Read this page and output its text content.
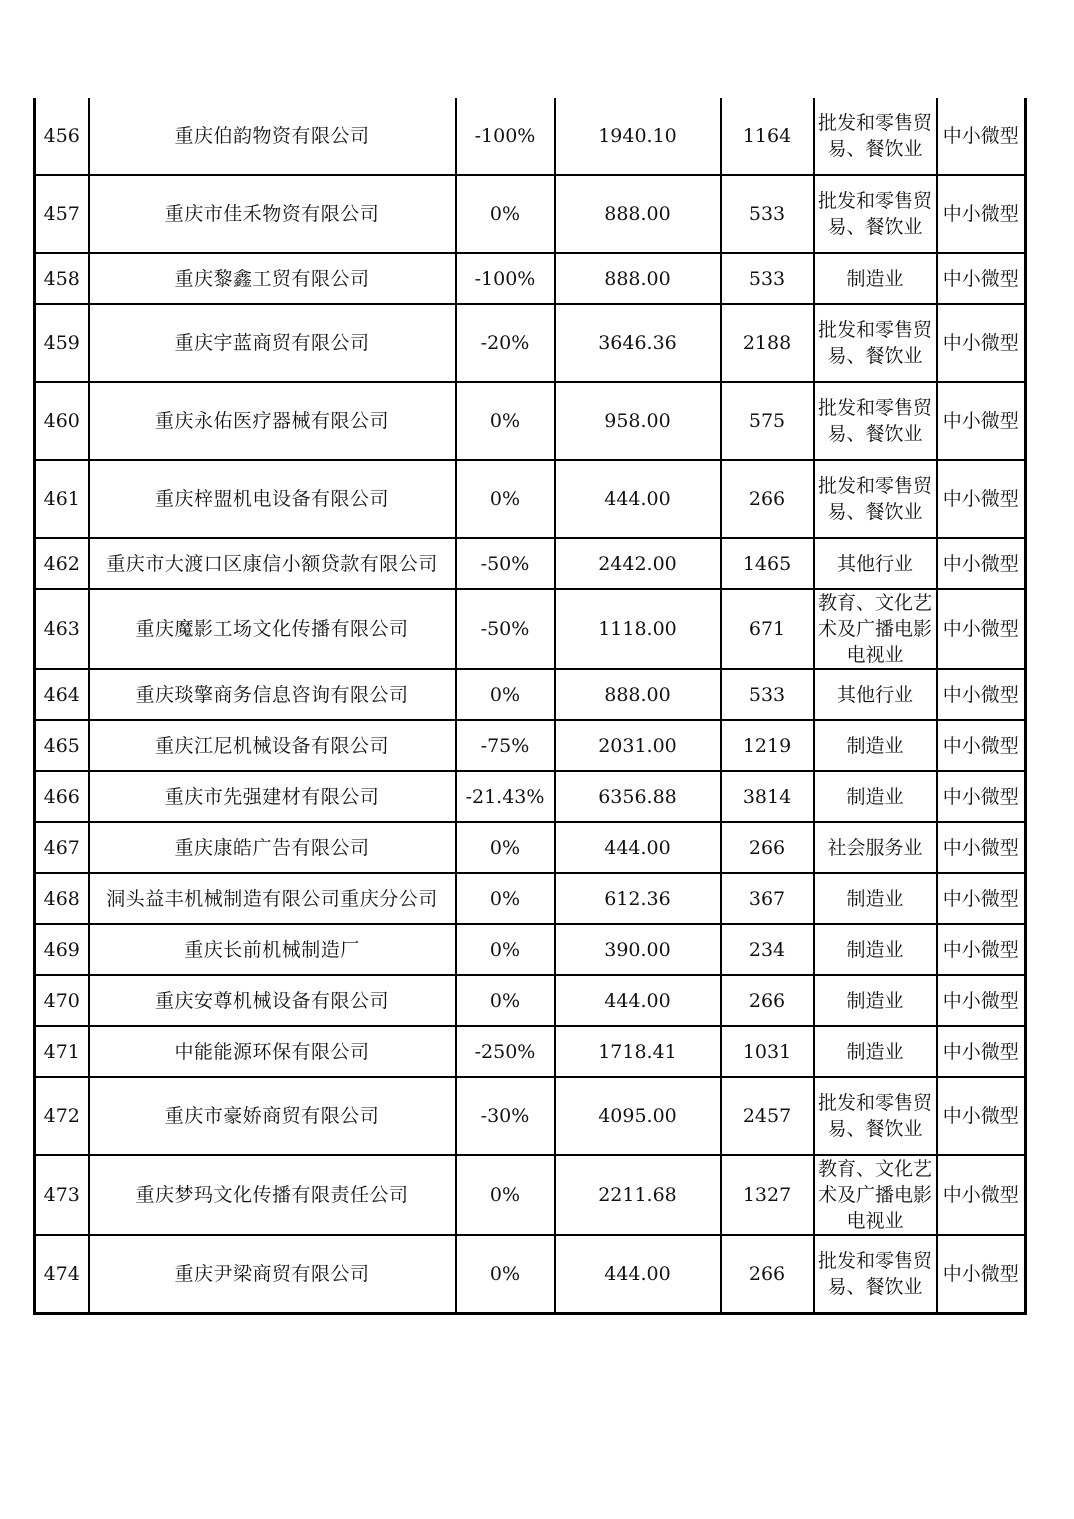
456	重庆伯韵物资有限公司	-100%	1940.10	1164	批发和零售贸易、餐饮业	中小微型
457	重庆市佳禾物资有限公司	0%	888.00	533	批发和零售贸易、餐饮业	中小微型
458	重庆黎鑫工贸有限公司	-100%	888.00	533	制造业	中小微型
459	重庆宇蓝商贸有限公司	-20%	3646.36	2188	批发和零售贸易、餐饮业	中小微型
460	重庆永佑医疗器械有限公司	0%	958.00	575	批发和零售贸易、餐饮业	中小微型
461	重庆梓盟机电设备有限公司	0%	444.00	266	批发和零售贸易、餐饮业	中小微型
462	重庆市大渡口区康信小额贷款有限公司	-50%	2442.00	1465	其他行业	中小微型
463	重庆魔影工场文化传播有限公司	-50%	1118.00	671	教育、文化艺术及广播电影电视业	中小微型
464	重庆琰擎商务信息咨询有限公司	0%	888.00	533	其他行业	中小微型
465	重庆江尼机械设备有限公司	-75%	2031.00	1219	制造业	中小微型
466	重庆市先强建材有限公司	-21.43%	6356.88	3814	制造业	中小微型
467	重庆康皓广告有限公司	0%	444.00	266	社会服务业	中小微型
468	洞头益丰机械制造有限公司重庆分公司	0%	612.36	367	制造业	中小微型
469	重庆长前机械制造厂	0%	390.00	234	制造业	中小微型
470	重庆安尊机械设备有限公司	0%	444.00	266	制造业	中小微型
471	中能能源环保有限公司	-250%	1718.41	1031	制造业	中小微型
472	重庆市豪娇商贸有限公司	-30%	4095.00	2457	批发和零售贸易、餐饮业	中小微型
473	重庆梦玛文化传播有限责任公司	0%	2211.68	1327	教育、文化艺术及广播电影电视业	中小微型
474	重庆尹梁商贸有限公司	0%	444.00	266	批发和零售贸易、餐饮业	中小微型
